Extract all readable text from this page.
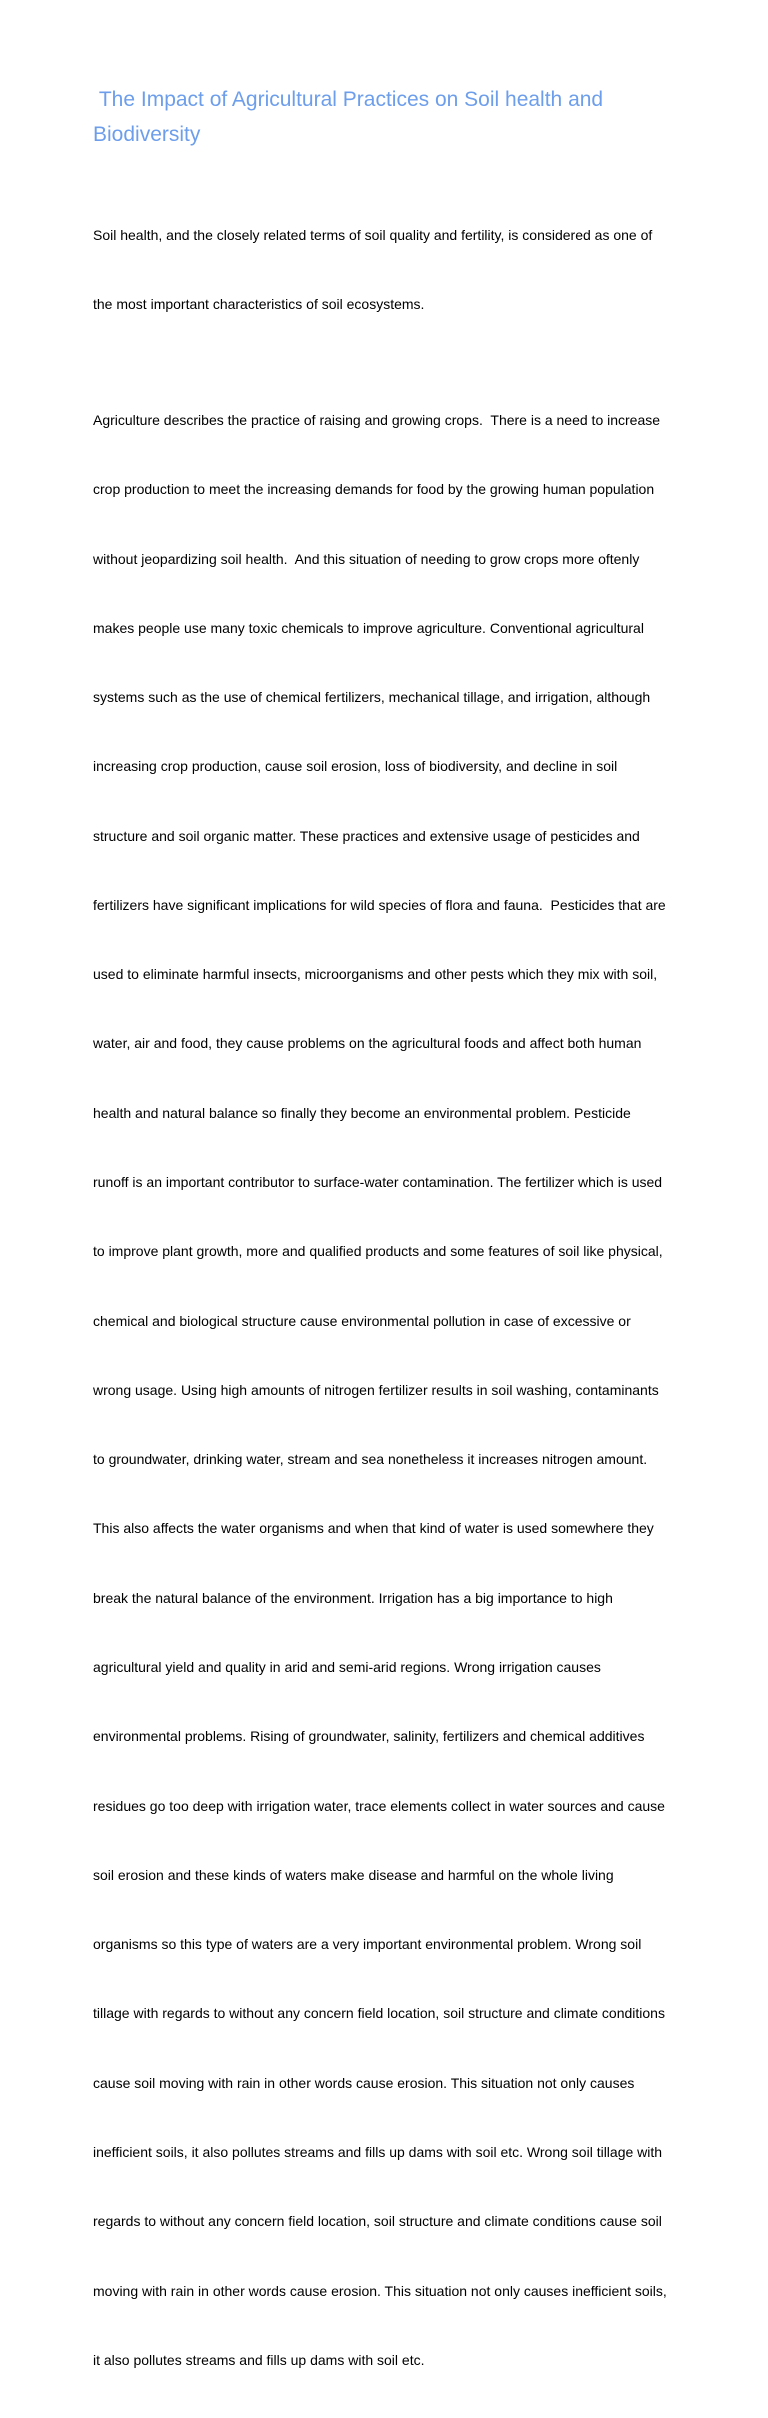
The Impact of Agricultural Practices on Soil health and Biodiversity

Soil health, and the closely related terms of soil quality and fertility, is considered as one of

the most important characteristics of soil ecosystems.

Agriculture describes the practice of raising and growing crops.  There is a need to increase

crop production to meet the increasing demands for food by the growing human population

without jeopardizing soil health.  And this situation of needing to grow crops more oftenly

makes people use many toxic chemicals to improve agriculture. Conventional agricultural

systems such as the use of chemical fertilizers, mechanical tillage, and irrigation, although

increasing crop production, cause soil erosion, loss of biodiversity, and decline in soil

structure and soil organic matter. These practices and extensive usage of pesticides and

fertilizers have significant implications for wild species of flora and fauna.  Pesticides that are

used to eliminate harmful insects, microorganisms and other pests which they mix with soil,

water, air and food, they cause problems on the agricultural foods and affect both human

health and natural balance so finally they become an environmental problem. Pesticide

runoff is an important contributor to surface-water contamination. The fertilizer which is used

to improve plant growth, more and qualified products and some features of soil like physical,

chemical and biological structure cause environmental pollution in case of excessive or

wrong usage. Using high amounts of nitrogen fertilizer results in soil washing, contaminants

to groundwater, drinking water, stream and sea nonetheless it increases nitrogen amount.

This also affects the water organisms and when that kind of water is used somewhere they

break the natural balance of the environment. Irrigation has a big importance to high

agricultural yield and quality in arid and semi-arid regions. Wrong irrigation causes

environmental problems. Rising of groundwater, salinity, fertilizers and chemical additives

residues go too deep with irrigation water, trace elements collect in water sources and cause

soil erosion and these kinds of waters make disease and harmful on the whole living

organisms so this type of waters are a very important environmental problem. Wrong soil

tillage with regards to without any concern field location, soil structure and climate conditions

cause soil moving with rain in other words cause erosion. This situation not only causes

inefficient soils, it also pollutes streams and fills up dams with soil etc. Wrong soil tillage with

regards to without any concern field location, soil structure and climate conditions cause soil

moving with rain in other words cause erosion. This situation not only causes inefficient soils,

it also pollutes streams and fills up dams with soil etc.
